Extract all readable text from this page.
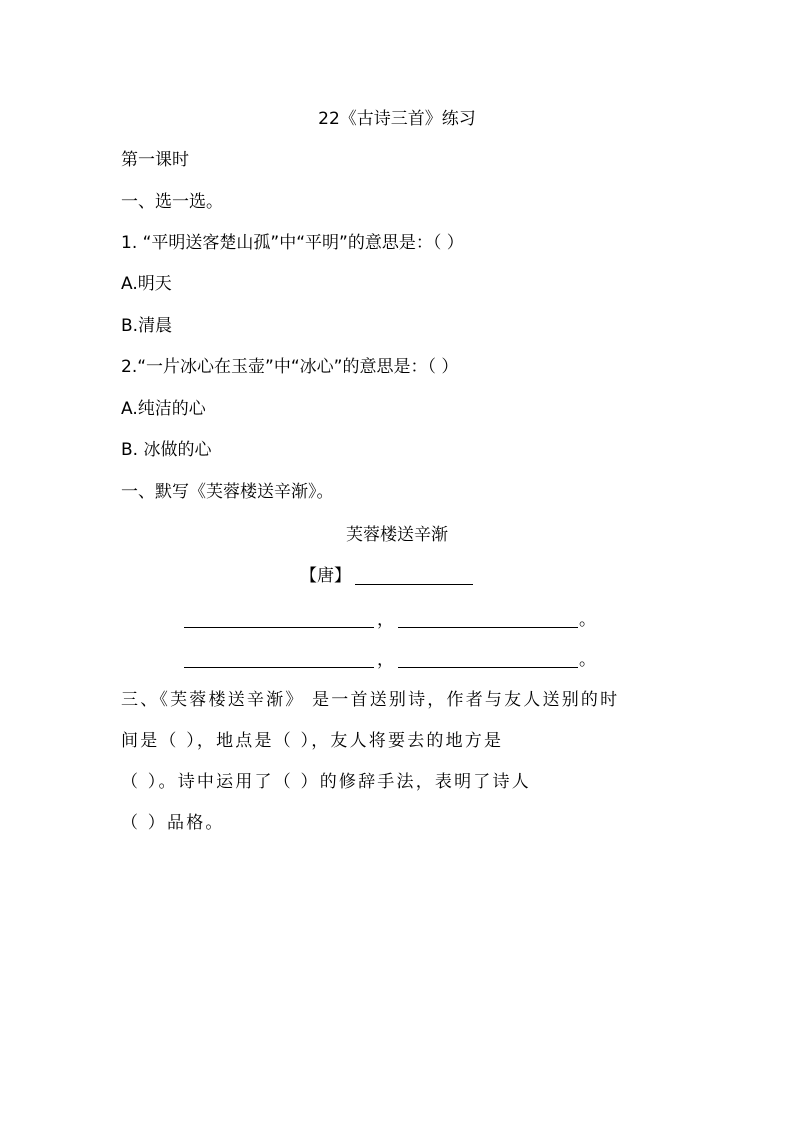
22《古诗三首》练习
第一课时
一、选一选。
1. “平明送客楚山孤”中“平明”的意思是：（ ）
A.明天
B.清晨
2.“一片冰心在玉壶”中“冰心”的意思是：（ ）
A.纯洁的心
B. 冰做的心
一、默写《芙蓉楼送辛渐》。
芙蓉楼送辛渐
【唐】
，	。
，	。
三、《芙蓉楼送辛渐》 是一首送别诗，作者与友人送别的时
间是（ ），地点是（ ），友人将要去的地方是
（ ）。诗中运用了（ ）的修辞手法，表明了诗人
（ ）品格。
